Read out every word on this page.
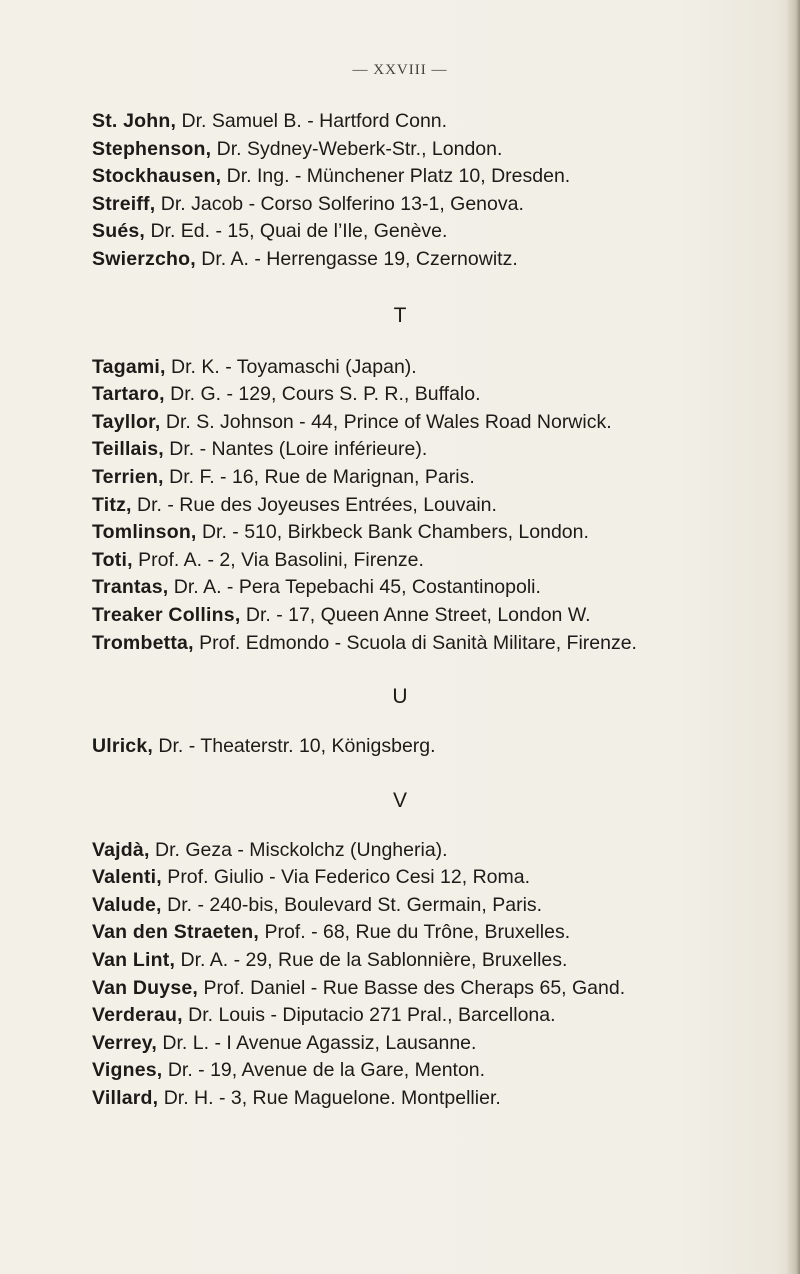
— XXVIII —
St. John, Dr. Samuel B. - Hartford Conn.
Stephenson, Dr. Sydney-Weberk-Str., London.
Stockhausen, Dr. Ing. - Münchener Platz 10, Dresden.
Streiff, Dr. Jacob - Corso Solferino 13-1, Genova.
Sués, Dr. Ed. - 15, Quai de l’Ile, Genève.
Swierzcho, Dr. A. - Herrengasse 19, Czernowitz.
T
Tagami, Dr. K. - Toyamaschi (Japan).
Tartaro, Dr. G. - 129, Cours S. P. R., Buffalo.
Tayllor, Dr. S. Johnson - 44, Prince of Wales Road Norwick.
Teillais, Dr. - Nantes (Loire inférieure).
Terrien, Dr. F. - 16, Rue de Marignan, Paris.
Titz, Dr. - Rue des Joyeuses Entrées, Louvain.
Tomlinson, Dr. - 510, Birkbeck Bank Chambers, London.
Toti, Prof. A. - 2, Via Basolini, Firenze.
Trantas, Dr. A. - Pera Tepebachi 45, Costantinopoli.
Treaker Collins, Dr. - 17, Queen Anne Street, London W.
Trombetta, Prof. Edmondo - Scuola di Sanità Militare, Firenze.
U
Ulrick, Dr. - Theaterstr. 10, Königsberg.
V
Vajdà, Dr. Geza - Misckolchz (Ungheria).
Valenti, Prof. Giulio - Via Federico Cesi 12, Roma.
Valude, Dr. - 240-bis, Boulevard St. Germain, Paris.
Van den Straeten, Prof. - 68, Rue du Trône, Bruxelles.
Van Lint, Dr. A. - 29, Rue de la Sablonnière, Bruxelles.
Van Duyse, Prof. Daniel - Rue Basse des Cheraps 65, Gand.
Verderau, Dr. Louis - Diputacio 271 Pral., Barcellona.
Verrey, Dr. L. - I Avenue Agassiz, Lausanne.
Vignes, Dr. - 19, Avenue de la Gare, Menton.
Villard, Dr. H. - 3, Rue Maguelone. Montpellier.
